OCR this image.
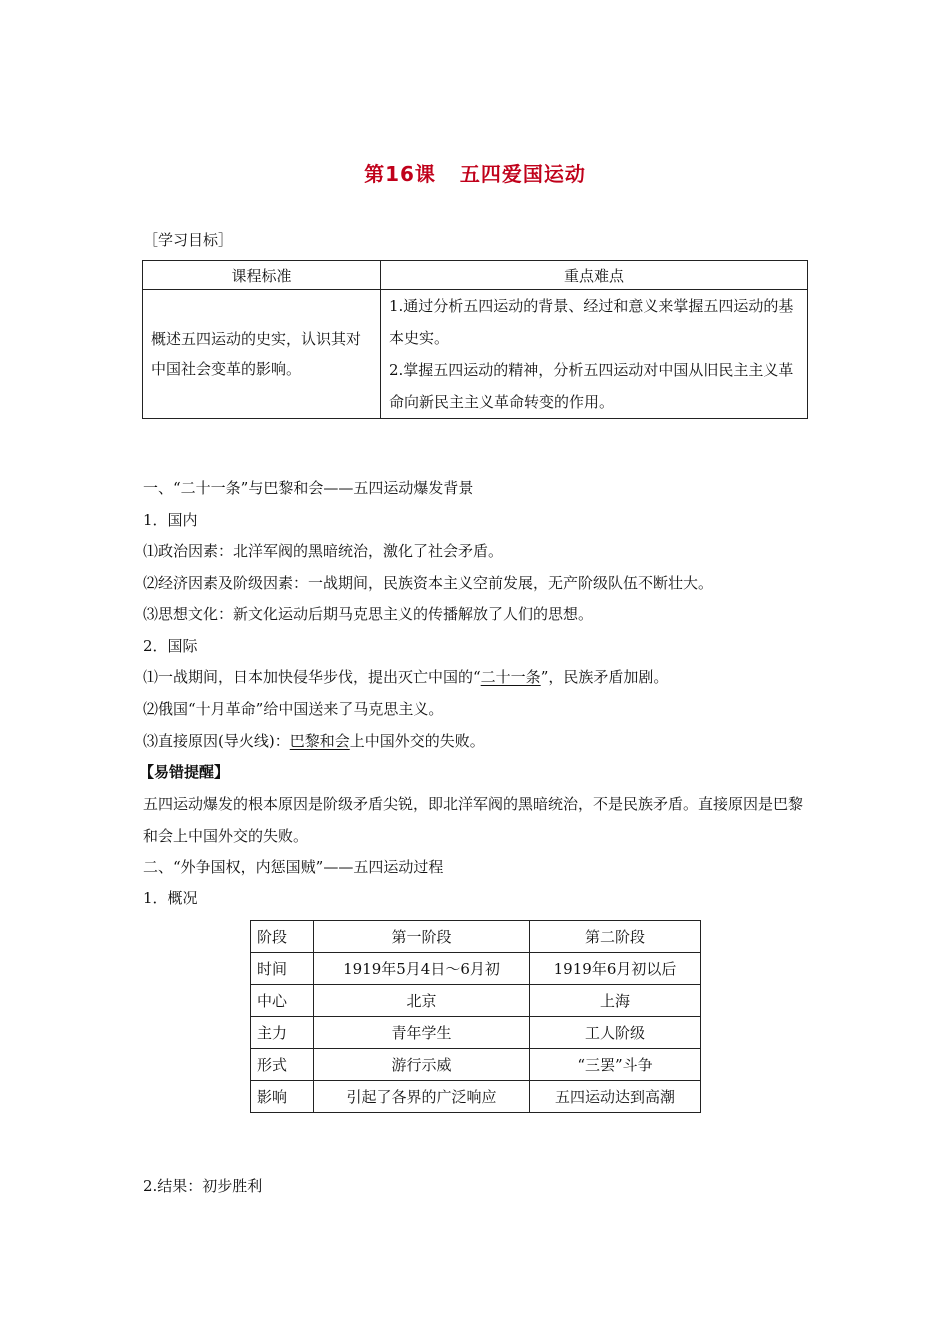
第16课 五四爱国运动
［学习目标］
课程标准	重点难点
概述五四运动的史实，认识其对中国社会变革的影响。	1.通过分析五四运动的背景、经过和意义来掌握五四运动的基本史实。
2.掌握五四运动的精神，分析五四运动对中国从旧民主主义革命向新民主主义革命转变的作用。
一、“二十一条”与巴黎和会——五四运动爆发背景
1．国内
⑴政治因素：北洋军阀的黑暗统治，激化了社会矛盾。
⑵经济因素及阶级因素：一战期间，民族资本主义空前发展，无产阶级队伍不断壮大。
⑶思想文化：新文化运动后期马克思主义的传播解放了人们的思想。
2．国际
⑴一战期间，日本加快侵华步伐，提出灭亡中国的“二十一条”，民族矛盾加剧。
⑵俄国“十月革命”给中国送来了马克思主义。
⑶直接原因(导火线)：巴黎和会上中国外交的失败。
【易错提醒】
五四运动爆发的根本原因是阶级矛盾尖锐，即北洋军阀的黑暗统治，不是民族矛盾。直接原因是巴黎和会上中国外交的失败。
二、“外争国权，内惩国贼”——五四运动过程
1．概况
阶段	第一阶段	第二阶段
时间	1919年5月4日～6月初	1919年6月初以后
中心	北京	上海
主力	青年学生	工人阶级
形式	游行示威	“三罢”斗争
影响	引起了各界的广泛响应	五四运动达到高潮
2.结果：初步胜利
